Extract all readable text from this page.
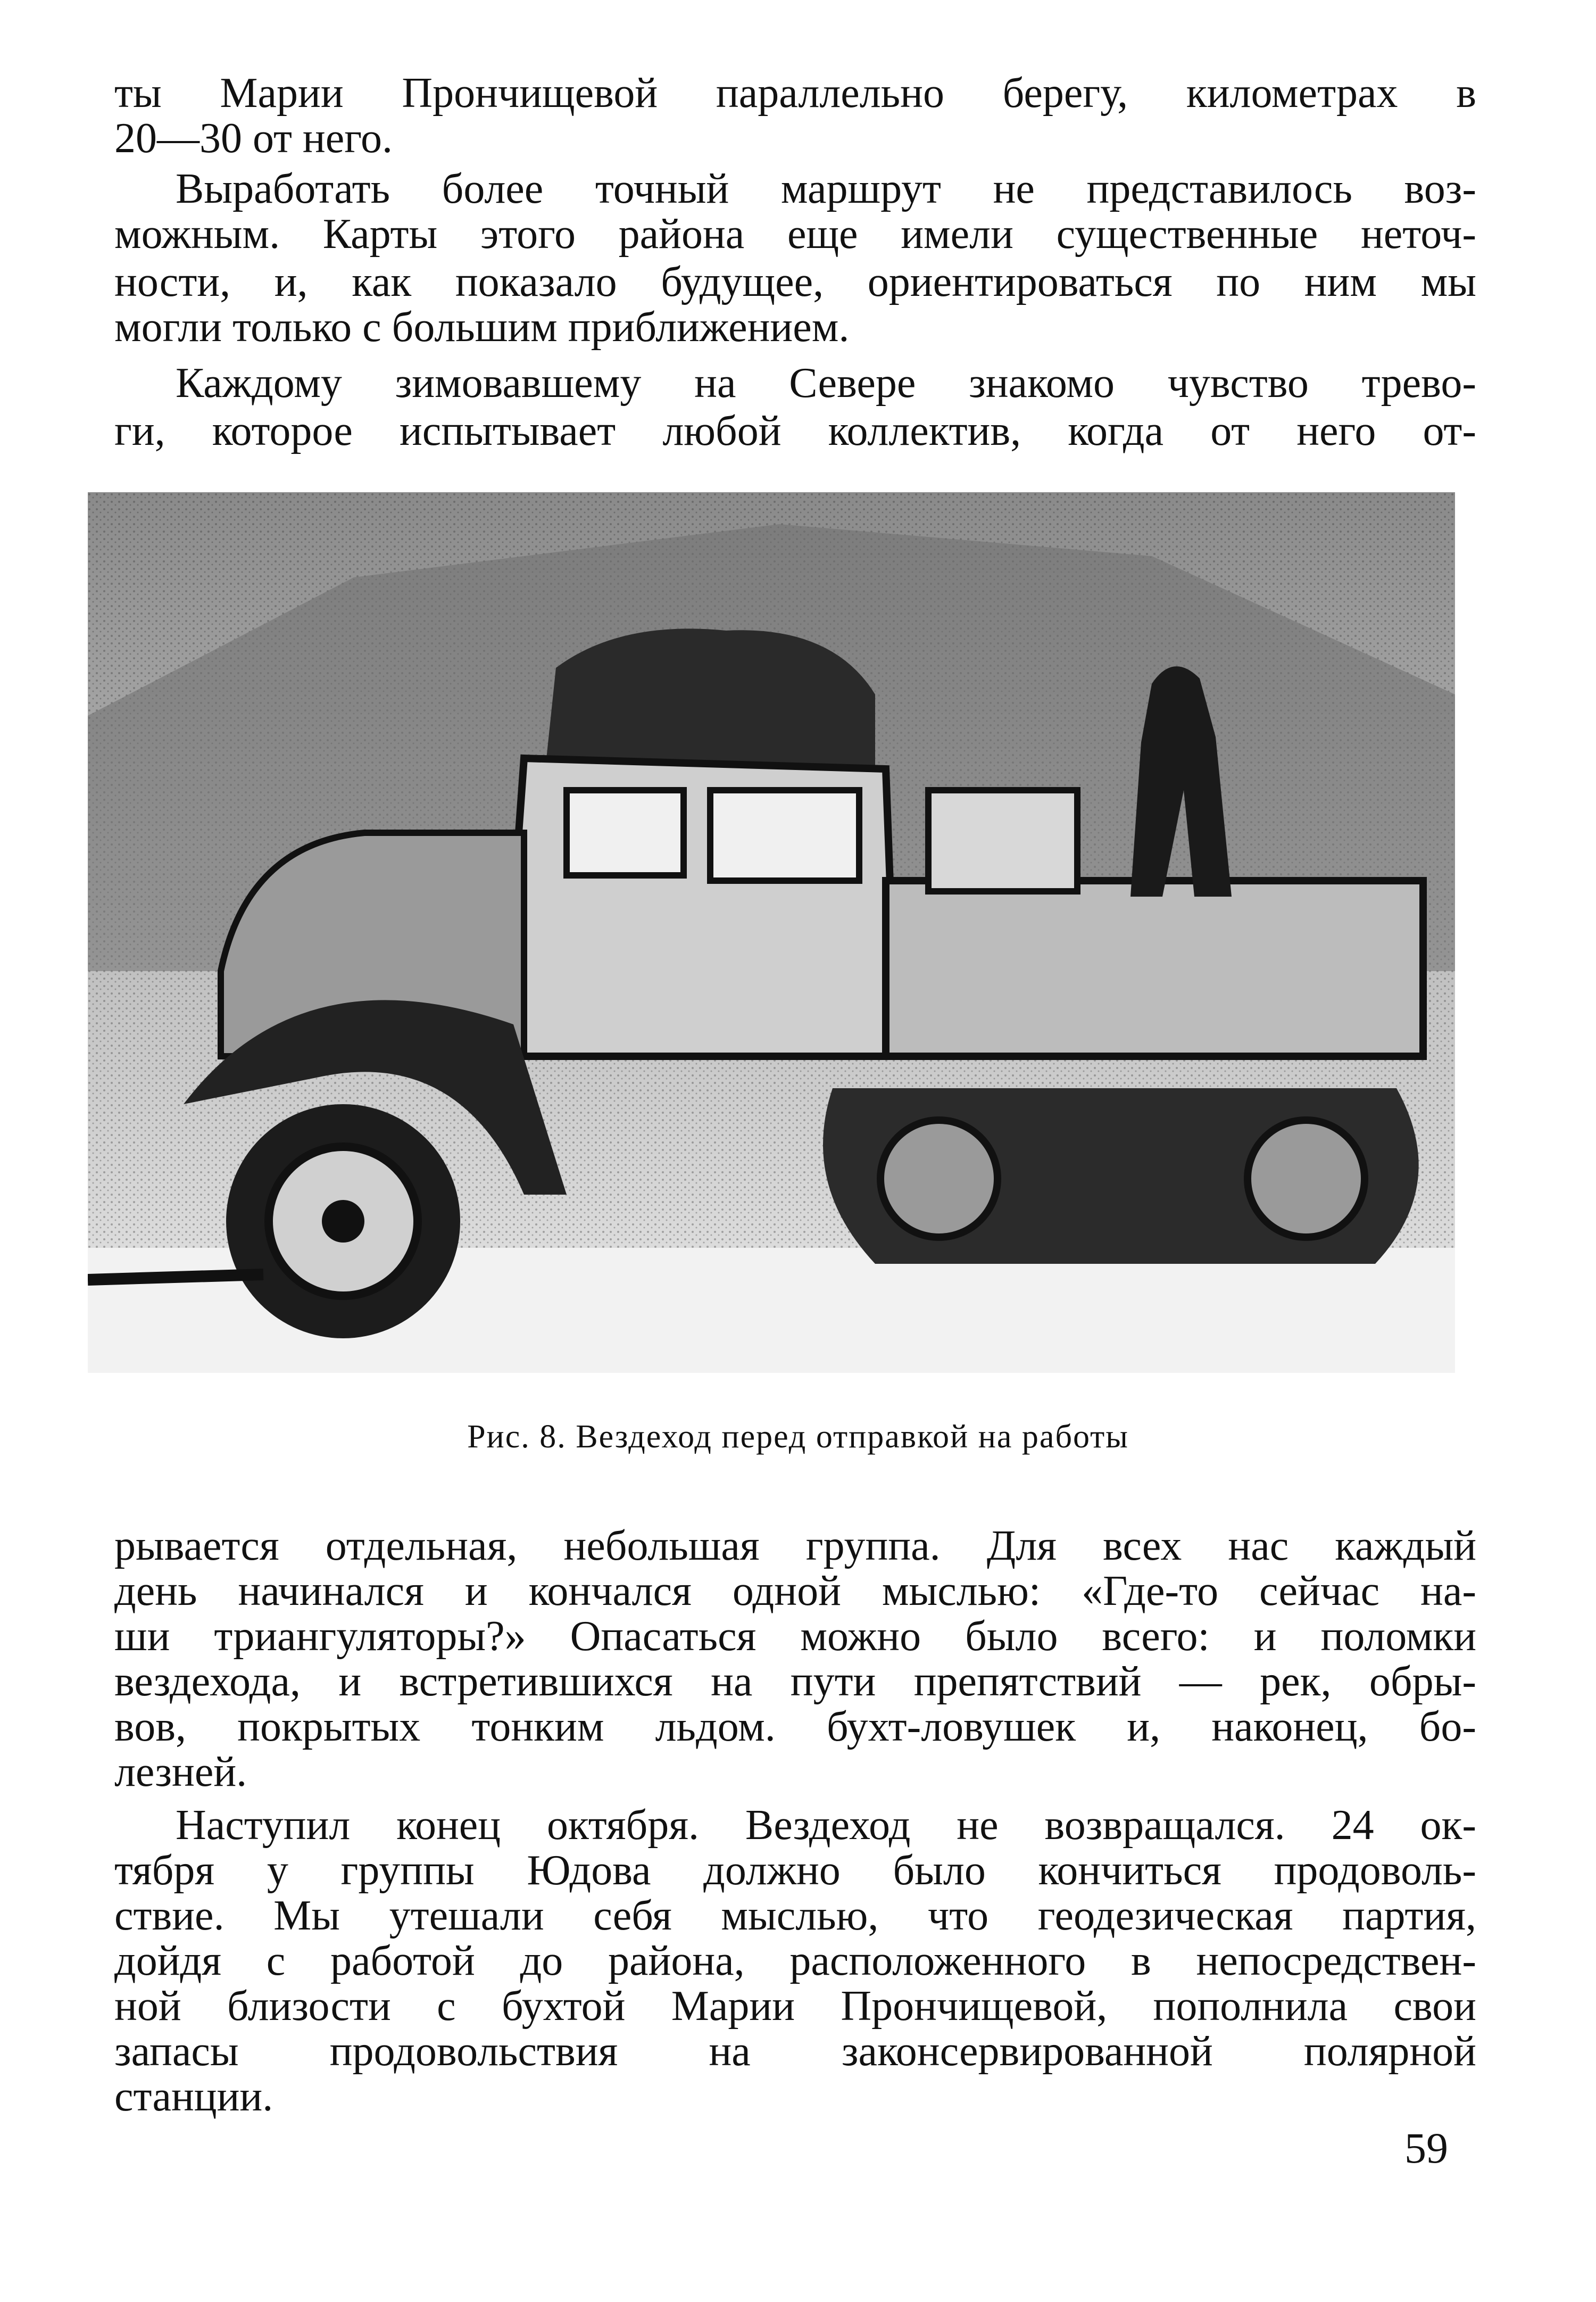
ты Марии Прончищевой параллельно берегу, километрах в
20—30 от него.
Выработать более точный маршрут не представилось воз-
можным. Карты этого района еще имели существенные неточ-
ности, и, как показало будущее, ориентироваться по ним мы
могли только с большим приближением.
Каждому зимовавшему на Севере знакомо чувство трево-
ги, которое испытывает любой коллектив, когда от него от-
Рис. 8. Вездеход перед отправкой на работы
рывается отдельная, небольшая группа. Для всех нас каждый
день начинался и кончался одной мыслью: «Где-то сейчас на-
ши триангуляторы?» Опасаться можно было всего: и поломки
вездехода, и встретившихся на пути препятствий — рек, обры-
вов, покрытых тонким льдом. бухт-ловушек и, наконец, бо-
лезней.
Наступил конец октября. Вездеход не возвращался. 24 ок-
тября у группы Юдова должно было кончиться продоволь-
ствие. Мы утешали себя мыслью, что геодезическая партия,
дойдя с работой до района, расположенного в непосредствен-
ной близости с бухтой Марии Прончищевой, пополнила свои
запасы продовольствия на законсервированной полярной
станции.
59
